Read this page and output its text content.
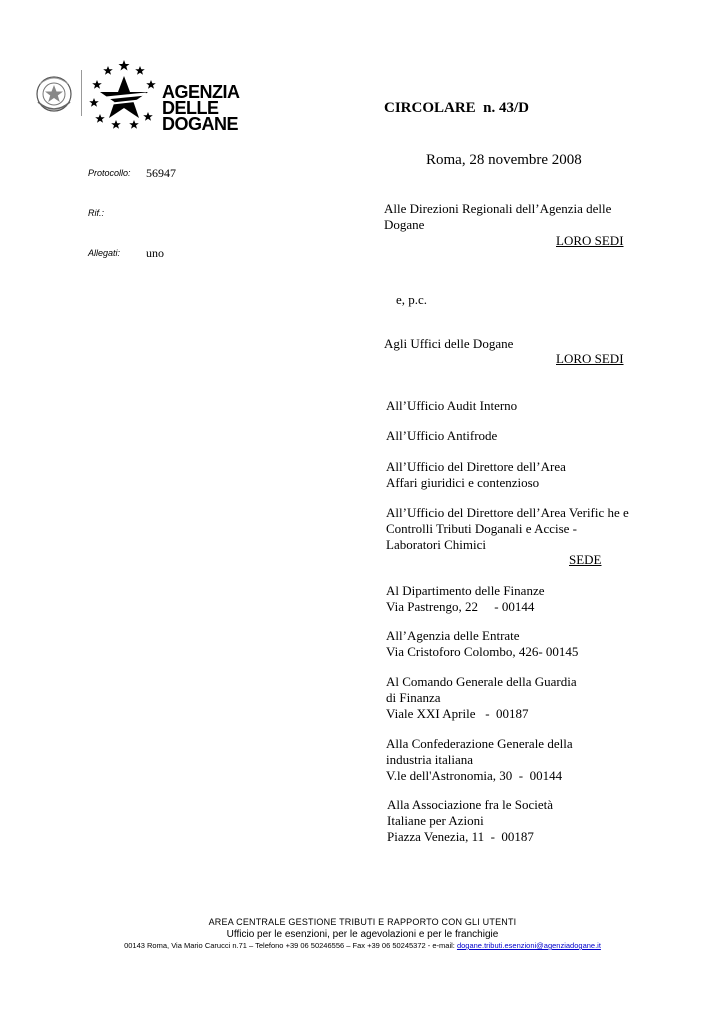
AGENZIA
DELLE
DOGANE
CIRCOLARE  n. 43/D
Roma, 28 novembre 2008
Protocollo: 56947
Rif.:
Allegati: uno
Alle Direzioni Regionali dell’Agenzia delle
Dogane
LORO SEDI
e, p.c.
Agli Uffici delle Dogane
LORO SEDI
All’Ufficio Audit Interno
All’Ufficio Antifrode
All’Ufficio del Direttore dell’Area
Affari giuridici e contenzioso
All’Ufficio del Direttore dell’Area Verific he e
Controlli Tributi Doganali e Accise -
Laboratori Chimici
SEDE
Al Dipartimento delle Finanze
Via Pastrengo, 22     - 00144
All’Agenzia delle Entrate
Via Cristoforo Colombo, 426- 00145
Al Comando Generale della Guardia
di Finanza
Viale XXI Aprile   -  00187
Alla Confederazione Generale della
industria italiana
V.le dell'Astronomia, 30  -  00144
Alla Associazione fra le Società
Italiane per Azioni
Piazza Venezia, 11  -  00187
AREA CENTRALE GESTIONE TRIBUTI E RAPPORTO CON GLI UTENTI
Ufficio per le esenzioni, per le agevolazioni e per le franchigie
00143 Roma, Via Mario Carucci n.71 – Telefono +39 06 50246556 – Fax +39 06 50245372 - e-mail: dogane.tributi.esenzioni@agenziadogane.it
